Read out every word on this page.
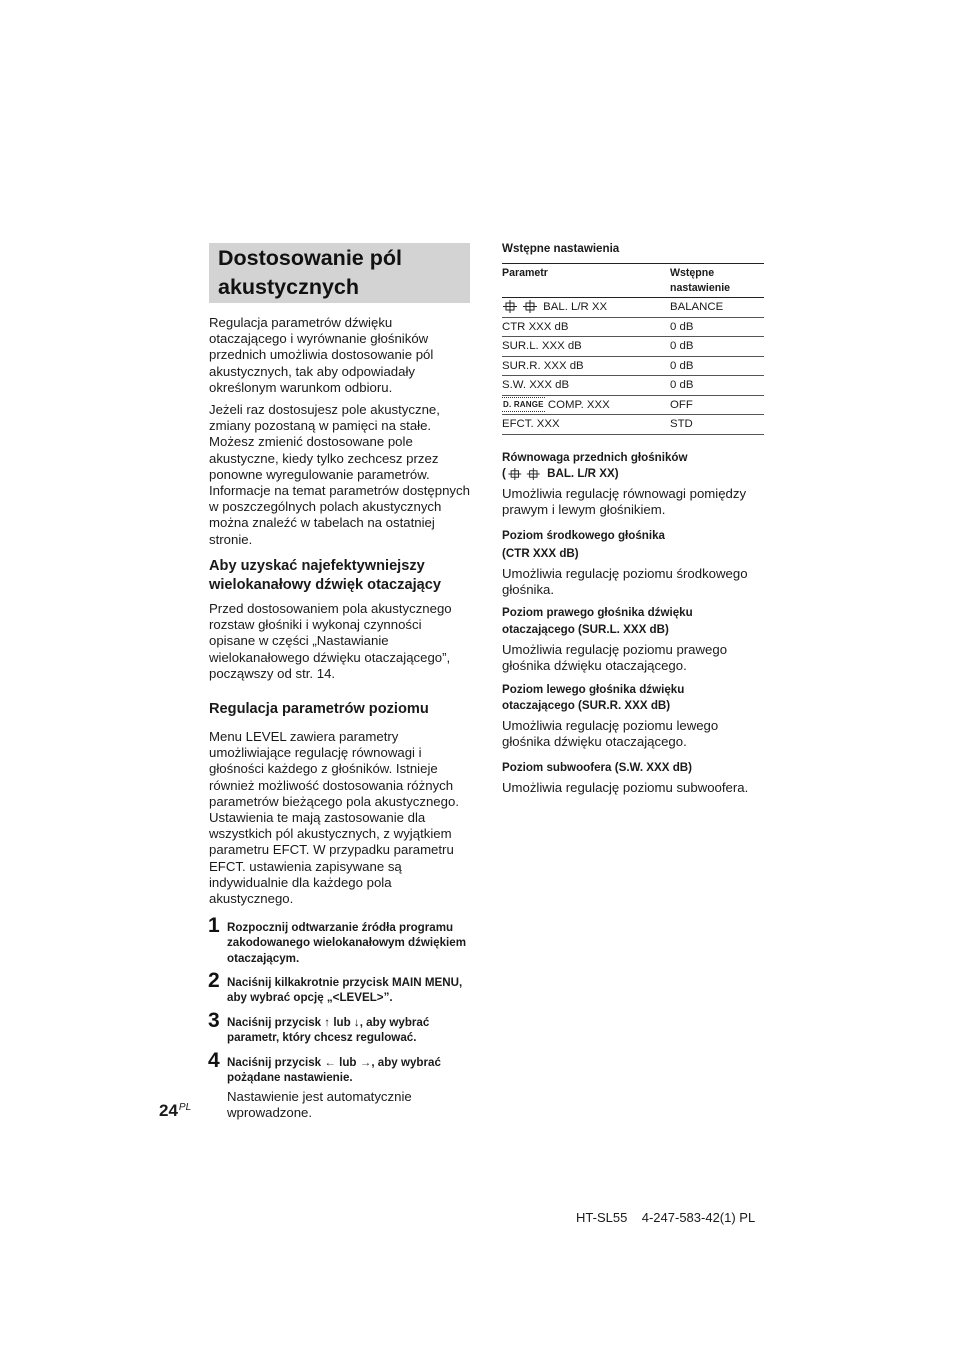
Dostosowanie pól akustycznych

Regulacja parametrów dźwięku otaczającego i wyrównanie głośników przednich umożliwia dostosowanie pól akustycznych, tak aby odpowiadały określonym warunkom odbioru.

Jeżeli raz dostosujesz pole akustyczne, zmiany pozostaną w pamięci na stałe. Możesz zmienić dostosowane pole akustyczne, kiedy tylko zechcesz przez ponowne wyregulowanie parametrów.

Informacje na temat parametrów dostępnych w poszczególnych polach akustycznych można znaleźć w tabelach na ostatniej stronie.

Aby uzyskać najefektywniejszy wielokanałowy dźwięk otaczający

Przed dostosowaniem pola akustycznego rozstaw głośniki i wykonaj czynności opisane w części „Nastawianie wielokanałowego dźwięku otaczającego”, począwszy od str. 14.

Regulacja parametrów poziomu

Menu LEVEL zawiera parametry umożliwiające regulację równowagi i głośności każdego z głośników. Istnieje również możliwość dostosowania różnych parametrów bieżącego pola akustycznego. Ustawienia te mają zastosowanie dla wszystkich pól akustycznych, z wyjątkiem parametru EFCT. W przypadku parametru EFCT. ustawienia zapisywane są indywidualnie dla każdego pola akustycznego.

1 Rozpocznij odtwarzanie źródła programu zakodowanego wielokanałowym dźwiękiem otaczającym.
2 Naciśnij kilkakrotnie przycisk MAIN MENU, aby wybrać opcję „<LEVEL>”.
3 Naciśnij przycisk ↑ lub ↓, aby wybrać parametr, który chcesz regulować.
4 Naciśnij przycisk ← lub →, aby wybrać pożądane nastawienie.

Nastawienie jest automatycznie wprowadzone.

$24^{PL}$

Wstępne nastawienia

Parametr	Wstępne nastawienie
BAL. L/R XX	BALANCE
CTR XXX dB	0 dB
SUR.L. XXX dB	0 dB
SUR.R. XXX dB	0 dB
S.W. XXX dB	0 dB
D. RANGE COMP. XXX	OFF
EFCT. XXX	STD

Równowaga przednich głośników

(	BAL. L/R XX)

Umożliwia regulację równowagi pomiędzy prawym i lewym głośnikiem.

Poziom środkowego głośnika

(CTR XXX dB)

Umożliwia regulację poziomu środkowego głośnika.

Poziom prawego głośnika dźwięku

otaczającego (SUR.L. XXX dB)

Umożliwia regulację poziomu prawego głośnika dźwięku otaczającego.

Poziom lewego głośnika dźwięku

otaczającego (SUR.R. XXX dB)

Umożliwia regulację poziomu lewego głośnika dźwięku otaczającego.

Poziom subwoofera (S.W. XXX dB)

Umożliwia regulację poziomu subwoofera.

HT-SL55    4-247-583-42(1) PL
